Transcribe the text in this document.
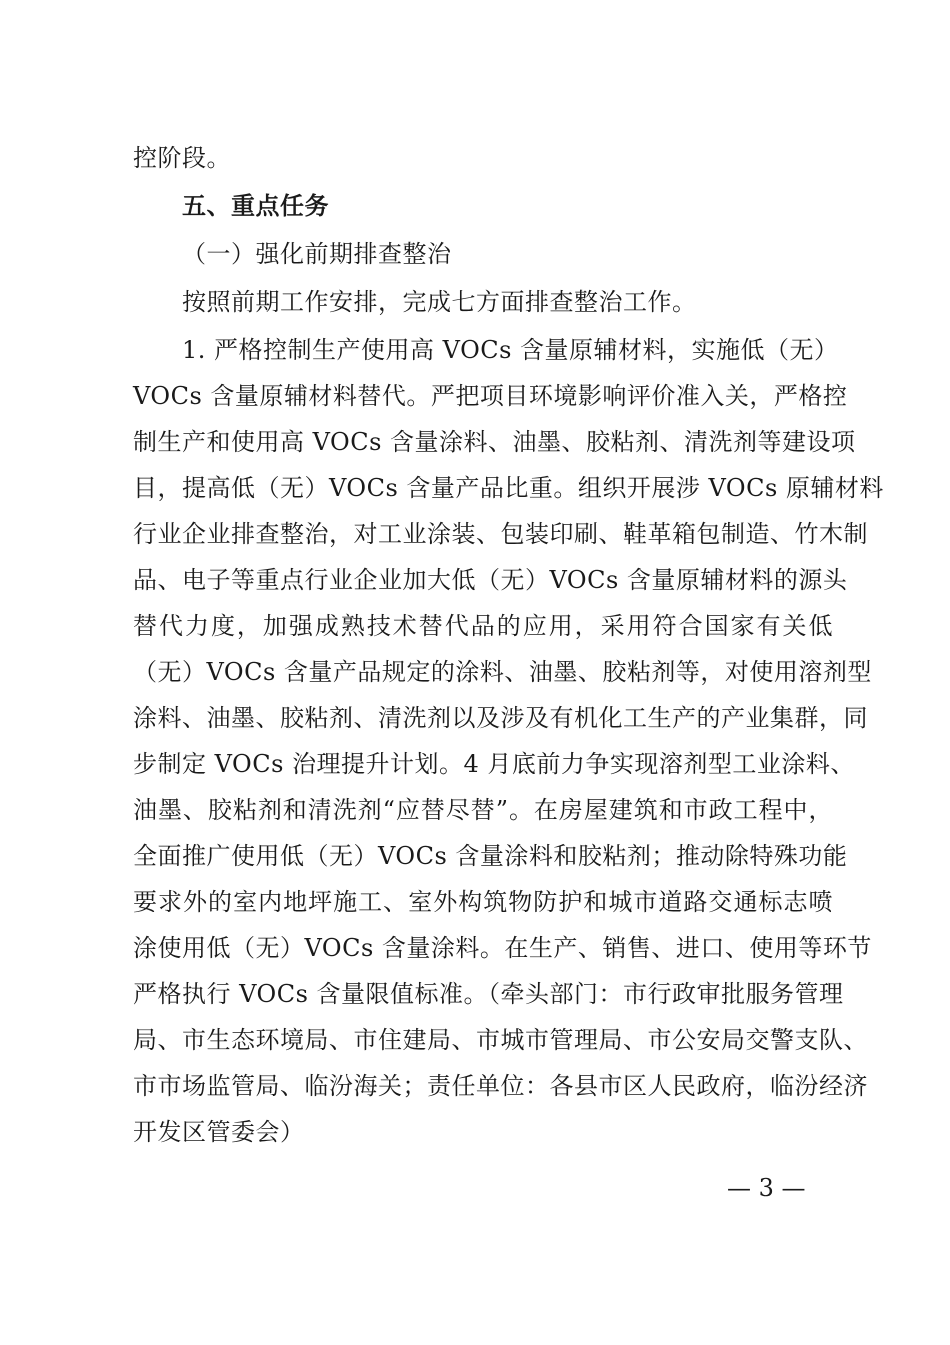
控阶段。
五、重点任务
（一）强化前期排查整治
按照前期工作安排，完成七方面排查整治工作。
1. 严格控制生产使用高 VOCs 含量原辅材料，实施低（无）
VOCs 含量原辅材料替代。严把项目环境影响评价准入关，严格控
制生产和使用高 VOCs 含量涂料、油墨、胶粘剂、清洗剂等建设项
目，提高低（无）VOCs 含量产品比重。组织开展涉 VOCs 原辅材料
行业企业排查整治，对工业涂装、包装印刷、鞋革箱包制造、竹木制
品、电子等重点行业企业加大低（无）VOCs 含量原辅材料的源头
替代力度，加强成熟技术替代品的应用，采用符合国家有关低
（无）VOCs 含量产品规定的涂料、油墨、胶粘剂等，对使用溶剂型
涂料、油墨、胶粘剂、清洗剂以及涉及有机化工生产的产业集群，同
步制定 VOCs 治理提升计划。4 月底前力争实现溶剂型工业涂料、
油墨、胶粘剂和清洗剂“应替尽替”。在房屋建筑和市政工程中，
全面推广使用低（无）VOCs 含量涂料和胶粘剂；推动除特殊功能
要求外的室内地坪施工、室外构筑物防护和城市道路交通标志喷
涂使用低（无）VOCs 含量涂料。在生产、销售、进口、使用等环节
严格执行 VOCs 含量限值标准。（牵头部门：市行政审批服务管理
局、市生态环境局、市住建局、市城市管理局、市公安局交警支队、
市市场监管局、临汾海关；责任单位：各县市区人民政府，临汾经济
开发区管委会）
— 3 —
